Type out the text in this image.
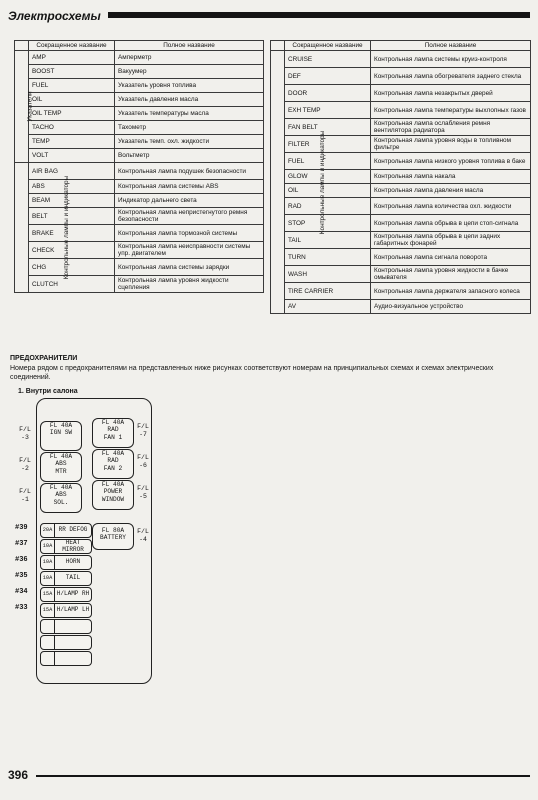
Электросхемы
	Сокращенное название	Полное название
Указатели	AMP	Амперметр
	BOOST	Вакуумер
	FUEL	Указатель уровня топлива
	OIL	Указатель давления масла
	OIL TEMP	Указатель температуры масла
	TACHO	Тахометр
	TEMP	Указатель темп. охл. жидкости
	VOLT	Вольтметр
Контрольные лампы и индикаторы	AIR BAG	Контрольная лампа подушек безопасности
	ABS	Контрольная лампа системы ABS
	BEAM	Индикатор дальнего света
	BELT	Контрольная лампа непристегнутого ремня безопасности
	BRAKE	Контрольная лампа тормозной системы
	CHECK	Контрольная лампа неисправности системы упр. двигателем
	CHG	Контрольная лампа системы зарядки
	CLUTCH	Контрольная лампа уровня жидкости сцепления
	Сокращенное название	Полное название
Контрольные лампы и индикаторы	CRUISE	Контрольная лампа системы круиз-контроля
	DEF	Контрольная лампа обогревателя заднего стекла
	DOOR	Контрольная лампа незакрытых дверей
	EXH TEMP	Контрольная лампа температуры выхлопных газов
	FAN BELT	Контрольная лампа ослабления ремня вентилятора радиатора
	FILTER	Контрольная лампа уровня воды в топливном фильтре
	FUEL	Контрольная лампа низкого уровня топлива в баке
	GLOW	Контрольная лампа накала
	OIL	Контрольная лампа давления масла
	RAD	Контрольная лампа количества охл. жидкости
	STOP	Контрольная лампа обрыва в цепи стоп-сигнала
	TAIL	Контрольная лампа обрыва в цепи задних габаритных фонарей
	TURN	Контрольная лампа сигнала поворота
	WASH	Контрольная лампа уровня жидкости в бачке омывателя
	TIRE CARRIER	Контрольная лампа держателя запасного колеса
	AV	Аудио-визуальное устройство
ПРЕДОХРАНИТЕЛИ
Номера рядом с предохранителями на представленных ниже рисунках соответствуют номерам на принципиальных схемах и схемах электрических соединений.
1. Внутри салона
F/L
-3
F/L
-2
F/L
-1
FL 40A
IGN SW
FL 40A
ABS
MTR
FL 40A
ABS
SOL.
FL 40A
RAD
FAN 1
FL 40A
RAD
FAN 2
FL 40A
POWER
WINDOW
FL 80A
BATTERY
F/L
-7
F/L
-6
F/L
-5
F/L
-4
#39	20A	RR DEFOG
#37	10A	HEAT MIRROR
#36	10A	HORN
#35	10A	TAIL
#34	15A H/LAMP RH
#33	15A H/LAMP LH
396
